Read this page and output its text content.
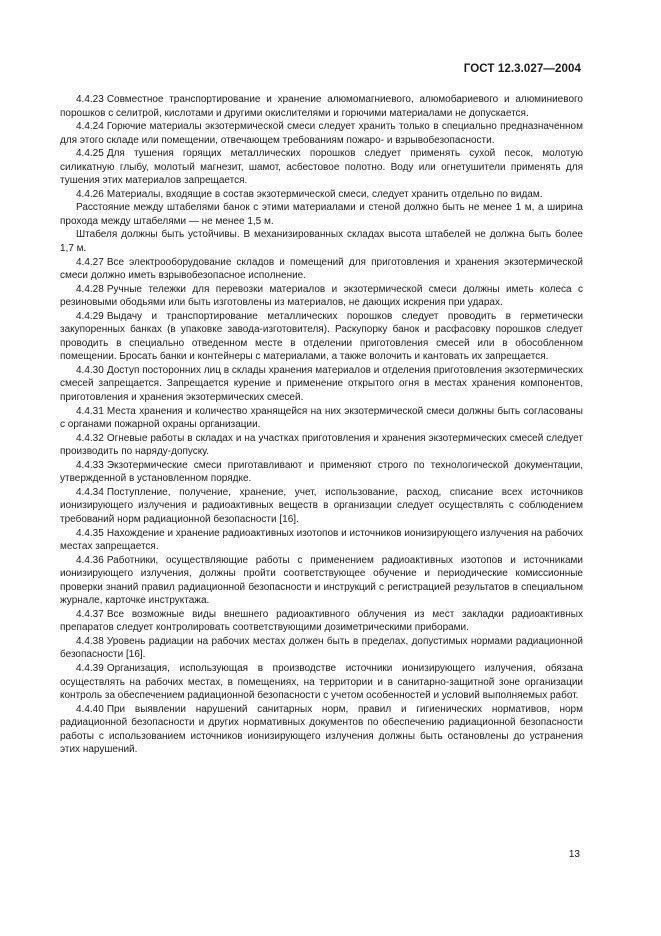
ГОСТ 12.3.027—2004

4.4.23 Совместное транспортирование и хранение алюмомагниевого, алюмобариевого и алюминиевого порошков с селитрой, кислотами и другими окислителями и горючими материалами не допускается.

4.4.24 Горючие материалы экзотермической смеси следует хранить только в специально предназначенном для этого складе или помещении, отвечающем требованиям пожаро- и взрывобезопасности.

4.4.25 Для тушения горящих металлических порошков следует применять сухой песок, молотую силикатную глыбу, молотый магнезит, шамот, асбестовое полотно. Воду или огнетушители применять для тушения этих материалов запрещается.

4.4.26 Материалы, входящие в состав экзотермической смеси, следует хранить отдельно по видам.

Расстояние между штабелями банок с этими материалами и стеной должно быть не менее 1 м, а ширина прохода между штабелями — не менее 1,5 м.

Штабеля должны быть устойчивы. В механизированных складах высота штабелей не должна быть более 1,7 м.

4.4.27 Все электрооборудование складов и помещений для приготовления и хранения экзотермической смеси должно иметь взрывобезопасное исполнение.

4.4.28 Ручные тележки для перевозки материалов и экзотермической смеси должны иметь колеса с резиновыми ободьями или быть изготовлены из материалов, не дающих искрения при ударах.

4.4.29 Выдачу и транспортирование металлических порошков следует проводить в герметически закупоренных банках (в упаковке завода-изготовителя). Раскупорку банок и расфасовку порошков следует проводить в специально отведенном месте в отделении приготовления смесей или в обособленном помещении. Бросать банки и контейнеры с материалами, а также волочить и кантовать их запрещается.

4.4.30 Доступ посторонних лиц в склады хранения материалов и отделения приготовления экзотермических смесей запрещается. Запрещается курение и применение открытого огня в местах хранения компонентов, приготовления и хранения экзотермических смесей.

4.4.31 Места хранения и количество хранящейся на них экзотермической смеси должны быть согласованы с органами пожарной охраны организации.

4.4.32 Огневые работы в складах и на участках приготовления и хранения экзотермических смесей следует производить по наряду-допуску.

4.4.33 Экзотермические смеси приготавливают и применяют строго по технологической документации, утвержденной в установленном порядке.

4.4.34 Поступление, получение, хранение, учет, использование, расход, списание всех источников ионизирующего излучения и радиоактивных веществ в организации следует осуществлять с соблюдением требований норм радиационной безопасности [16].

4.4.35 Нахождение и хранение радиоактивных изотопов и источников ионизирующего излучения на рабочих местах запрещается.

4.4.36 Работники, осуществляющие работы с применением радиоактивных изотопов и источниками ионизирующего излучения, должны пройти соответствующее обучение и периодические комиссионные проверки знаний правил радиационной безопасности и инструкций с регистрацией результатов в специальном журнале, карточке инструктажа.

4.4.37 Все возможные виды внешнего радиоактивного облучения из мест закладки радиоактивных препаратов следует контролировать соответствующими дозиметрическими приборами.

4.4.38 Уровень радиации на рабочих местах должен быть в пределах, допустимых нормами радиационной безопасности [16].

4.4.39 Организация, использующая в производстве источники ионизирующего излучения, обязана осуществлять на рабочих местах, в помещениях, на территории и в санитарно-защитной зоне организации контроль за обеспечением радиационной безопасности с учетом особенностей и условий выполняемых работ.

4.4.40 При выявлении нарушений санитарных норм, правил и гигиенических нормативов, норм радиационной безопасности и других нормативных документов по обеспечению радиационной безопасности работы с использованием источников ионизирующего излучения должны быть остановлены до устранения этих нарушений.

13
